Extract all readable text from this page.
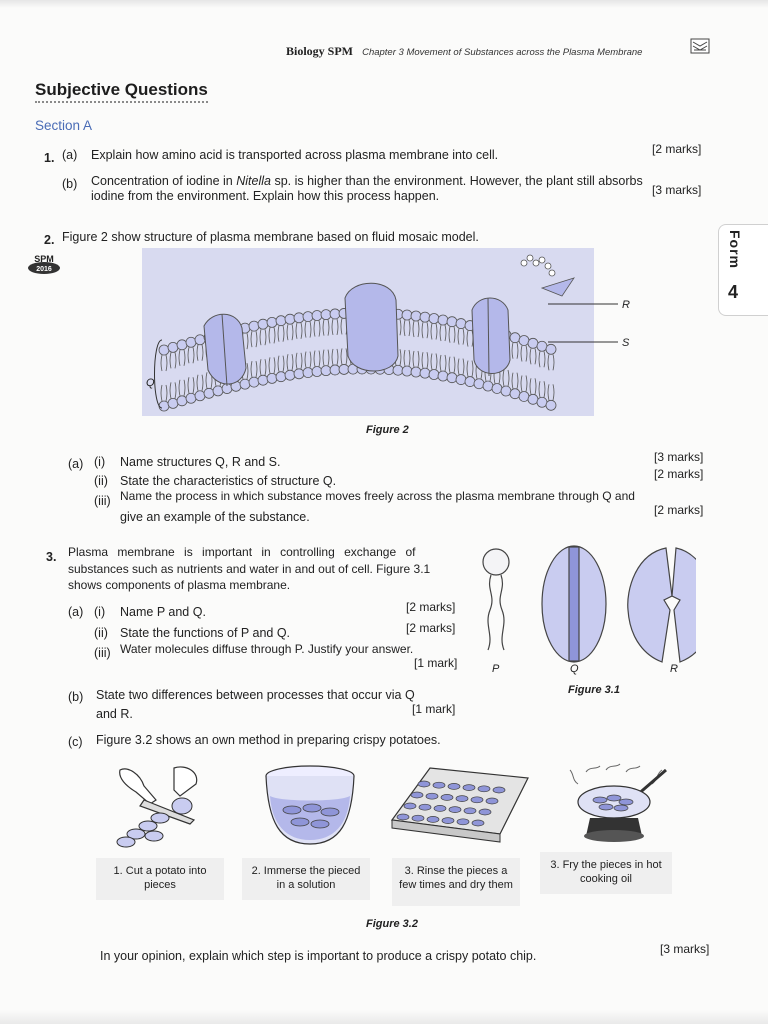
Biology SPM Chapter 3 Movement of Substances across the Plasma Membrane
Subjective Questions
Section A
Form
4
1. (a) Explain how amino acid is transported across plasma membrane into cell.	[2 marks]
(b) Concentration of iodine in Nitella sp. is higher than the environment. However, the plant still absorbs
iodine from the environment. Explain how this process happen.	[3 marks]
2. Figure 2 show structure of plasma membrane based on fluid mosaic model.
SPM
2016
R
S
Q
Figure 2
(a) (i) Name structures Q, R and S.	[3 marks]
(ii) State the characteristics of structure Q.	[2 marks]
(iii) Name the process in which substance moves freely across the plasma membrane through Q and
give an example of the substance.	[2 marks]
3. Plasma membrane is important in controlling exchange of
substances such as nutrients and water in and out of cell. Figure 3.1
shows components of plasma membrane.
(a) (i) Name P and Q.	[2 marks]
(ii) State the functions of P and Q.	[2 marks]
(iii) Water molecules diffuse through P. Justify your answer.
[1 mark]	P	Q	R
Figure 3.1
(b) State two differences between processes that occur via Q
and R.	[1 mark]
(c) Figure 3.2 shows an own method in preparing crispy potatoes.
1. Cut a potato into pieces
2. Immerse the pieced in a solution
3. Rinse the pieces a few times and dry them
3. Fry the pieces in hot cooking oil
Figure 3.2
In your opinion, explain which step is important to produce a crispy potato chip.	[3 marks]
